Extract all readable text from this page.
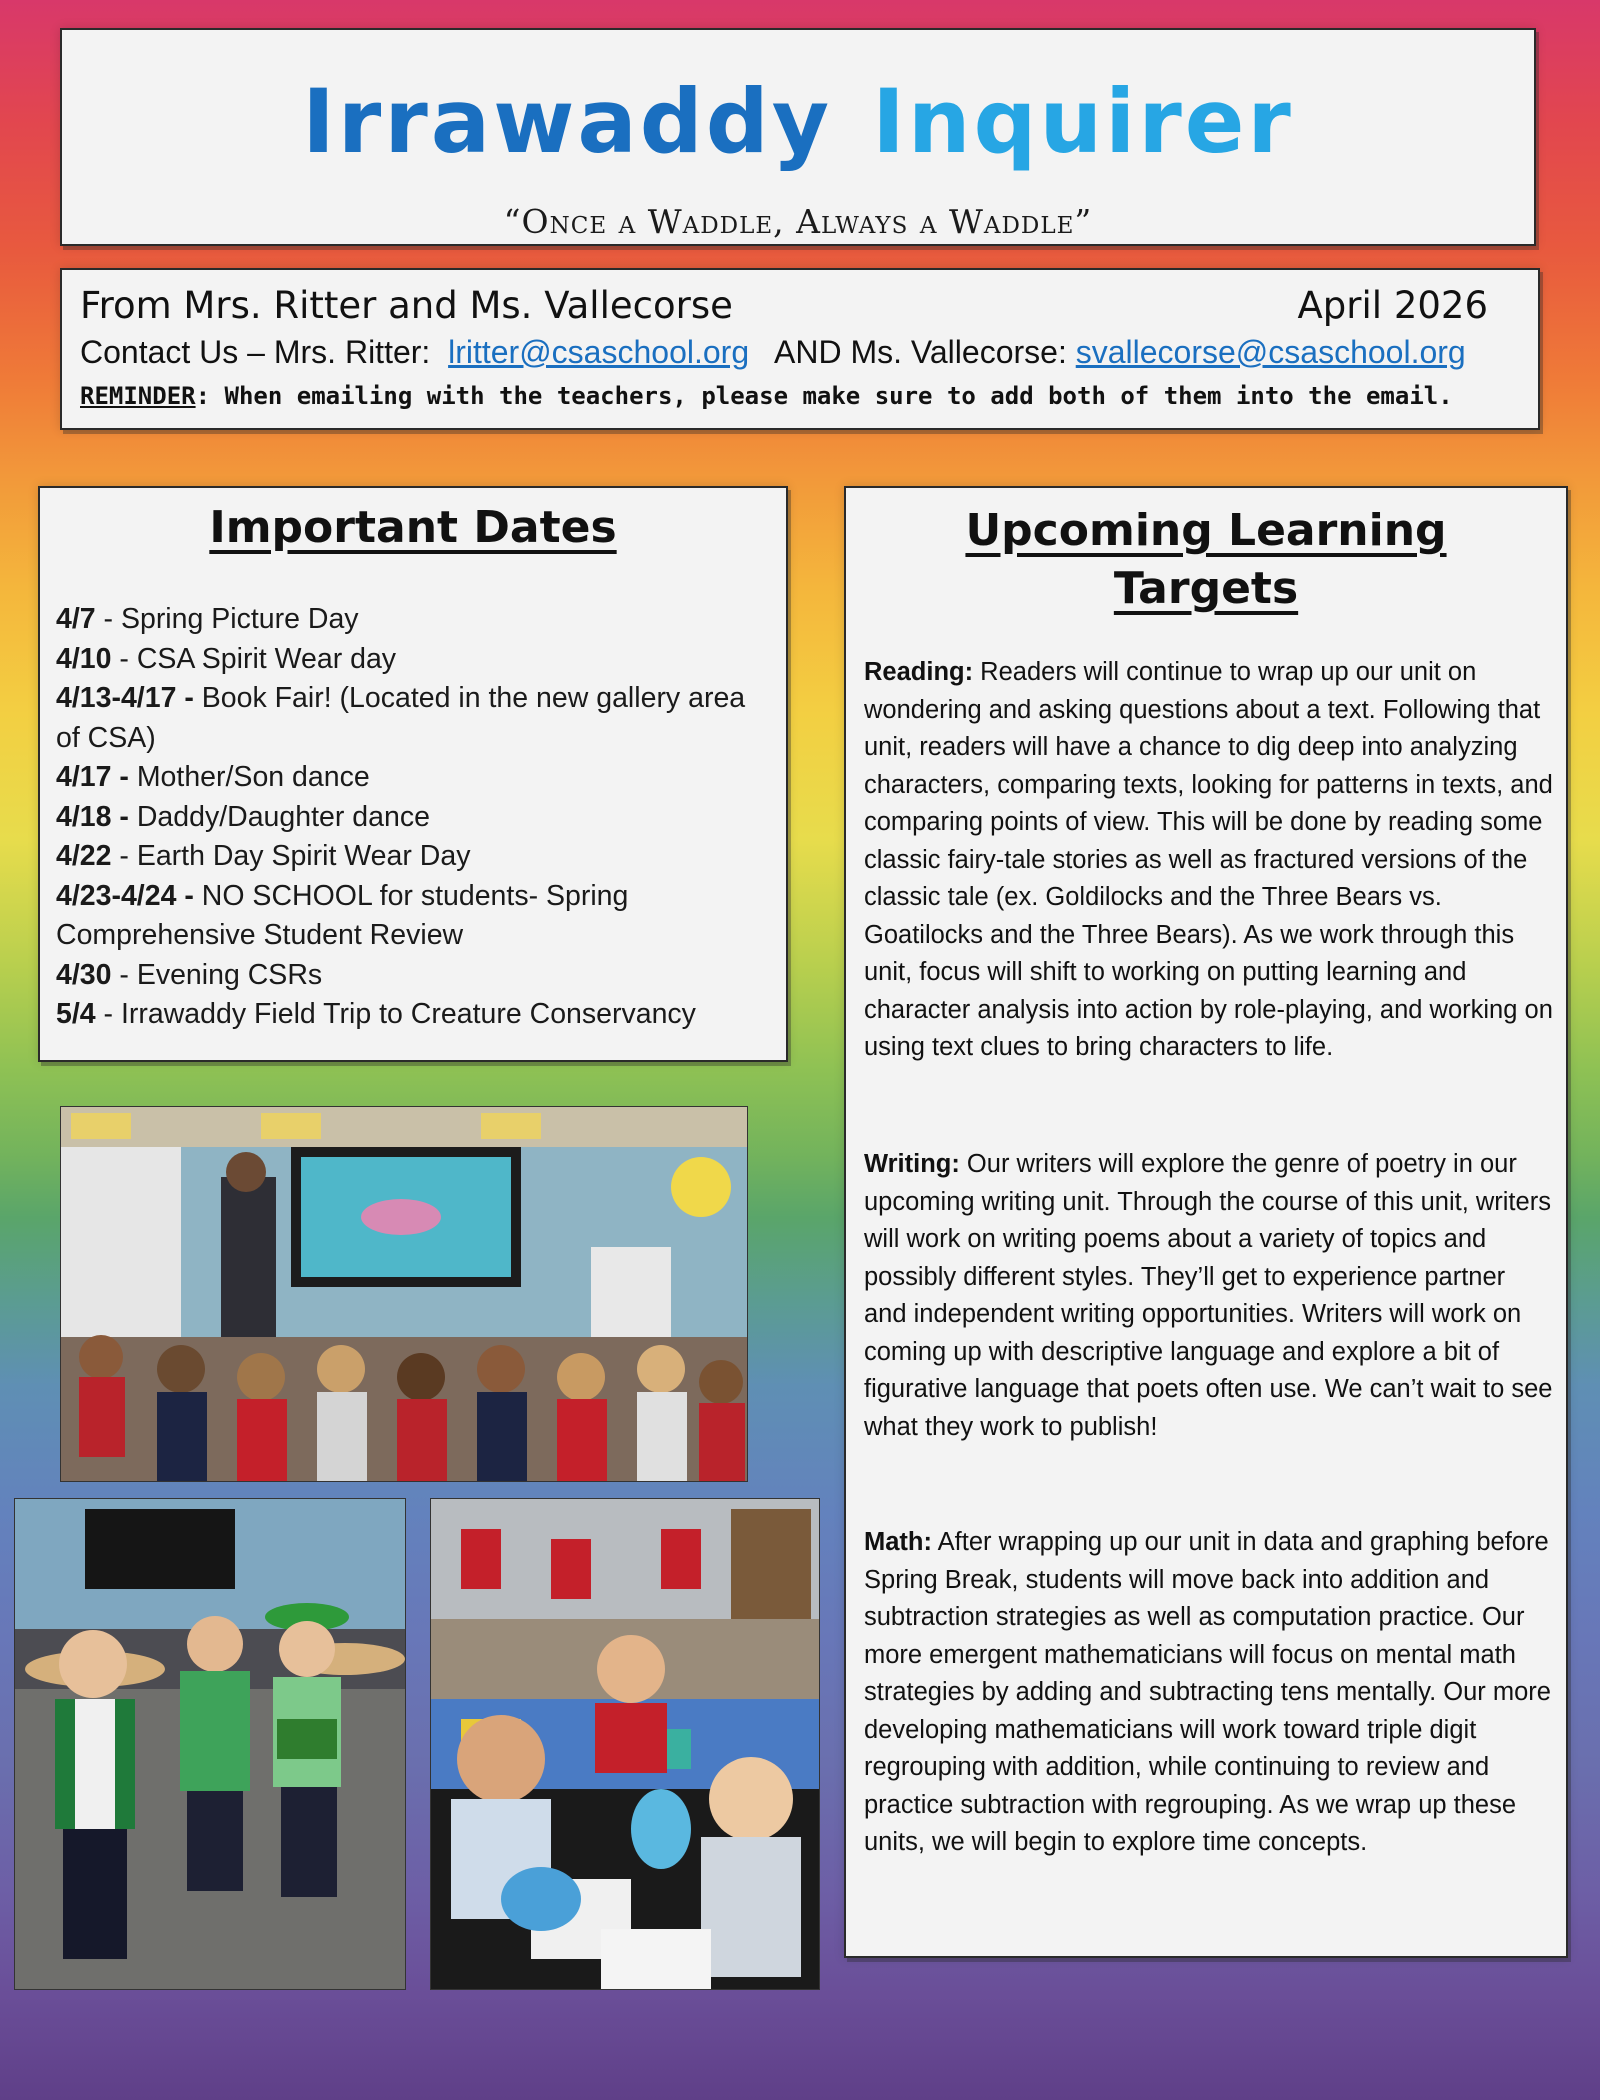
Irrawaddy Inquirer
“Once a Waddle, Always a Waddle”
From Mrs. Ritter and Ms. Vallecorse	April 2026
Contact Us – Mrs. Ritter: lritter@csaschool.org AND Ms. Vallecorse: svallecorse@csaschool.org
REMINDER: When emailing with the teachers, please make sure to add both of them into the email.
Important Dates
4/7 - Spring Picture Day
4/10 - CSA Spirit Wear day
4/13-4/17 - Book Fair! (Located in the new gallery area of CSA)
4/17 - Mother/Son dance
4/18 - Daddy/Daughter dance
4/22 - Earth Day Spirit Wear Day
4/23-4/24 - NO SCHOOL for students- Spring Comprehensive Student Review
4/30 - Evening CSRs
5/4 - Irrawaddy Field Trip to Creature Conservancy
Upcoming Learning
Targets

Reading: Readers will continue to wrap up our unit on wondering and asking questions about a text. Following that unit, readers will have a chance to dig deep into analyzing characters, comparing texts, looking for patterns in texts, and comparing points of view. This will be done by reading some classic fairy-tale stories as well as fractured versions of the classic tale (ex. Goldilocks and the Three Bears vs. Goatilocks and the Three Bears). As we work through this unit, focus will shift to working on putting learning and character analysis into action by role-playing, and working on using text clues to bring characters to life.

Writing: Our writers will explore the genre of poetry in our upcoming writing unit. Through the course of this unit, writers will work on writing poems about a variety of topics and possibly different styles. They’ll get to experience partner and independent writing opportunities. Writers will work on coming up with descriptive language and explore a bit of figurative language that poets often use. We can’t wait to see what they work to publish!

Math: After wrapping up our unit in data and graphing before Spring Break, students will move back into addition and subtraction strategies as well as computation practice. Our more emergent mathematicians will focus on mental math strategies by adding and subtracting tens mentally. Our more developing mathematicians will work toward triple digit regrouping with addition, while continuing to review and practice subtraction with regrouping. As we wrap up these units, we will begin to explore time concepts.
